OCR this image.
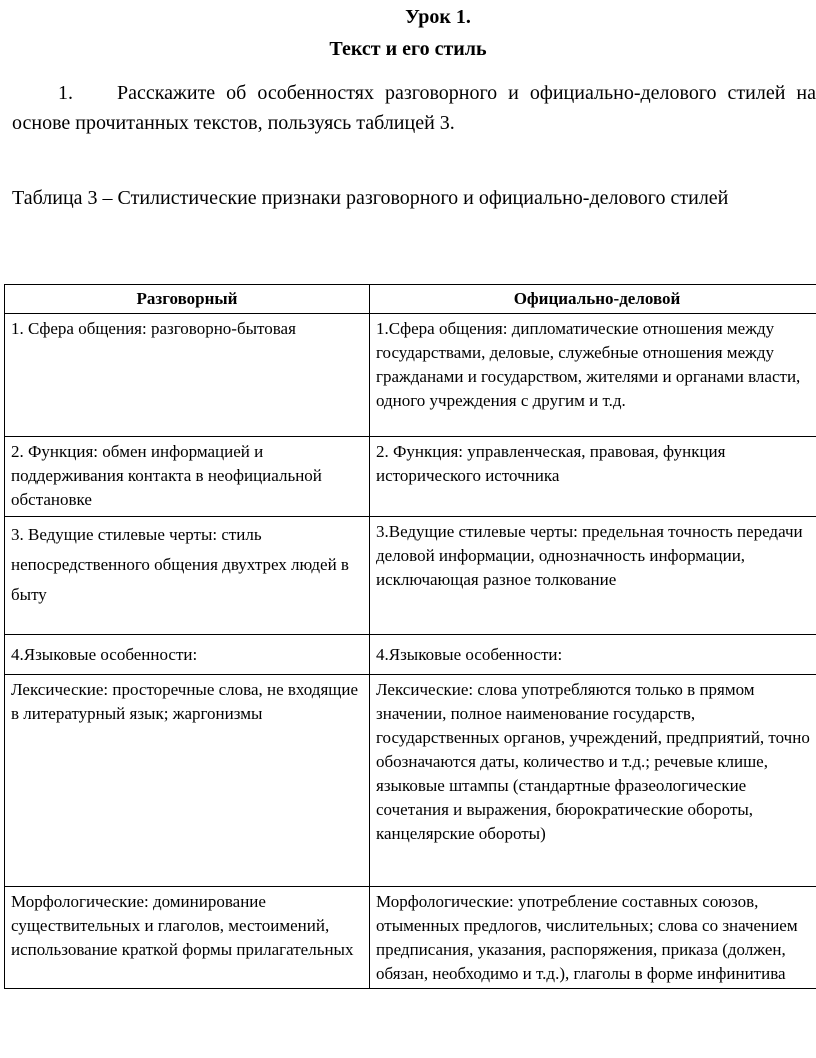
Урок 1.
Текст и его стиль
1. Расскажите об особенностях разговорного и официально-делового стилей на основе прочитанных текстов, пользуясь таблицей 3.
Таблица 3 – Стилистические признаки разговорного и официально-делового стилей
Разговорный	Официально-деловой
1. Сфера общения: разговорно-бытовая	1.Сфера общения: дипломатические отношения между государствами, деловые, служебные отношения между гражданами и государством, жителями и органами власти, одного учреждения с другим и т.д.
2. Функция: обмен информацией и поддерживания контакта в неофициальной обстановке	2. Функция: управленческая, правовая, функция исторического источника
3. Ведущие стилевые черты: стиль непосредственного общения двухтрех людей в быту	3.Ведущие стилевые черты: предельная точность передачи деловой информации, однозначность информации, исключающая разное толкование
4.Языковые особенности:	4.Языковые особенности:
Лексические: просторечные слова, не входящие в литературный язык; жаргонизмы	Лексические: слова употребляются только в прямом значении, полное наименование государств, государственных органов, учреждений, предприятий, точно обозначаются даты, количество и т.д.; речевые клише, языковые штампы (стандартные фразеологические сочетания и выражения, бюрократические обороты, канцелярские обороты)
Морфологические: доминирование существительных и глаголов, местоимений, использование краткой формы прилагательных	Морфологические: употребление составных союзов, отыменных предлогов, числительных; слова со значением предписания, указания, распоряжения, приказа (должен, обязан, необходимо и т.д.), глаголы в форме инфинитива
